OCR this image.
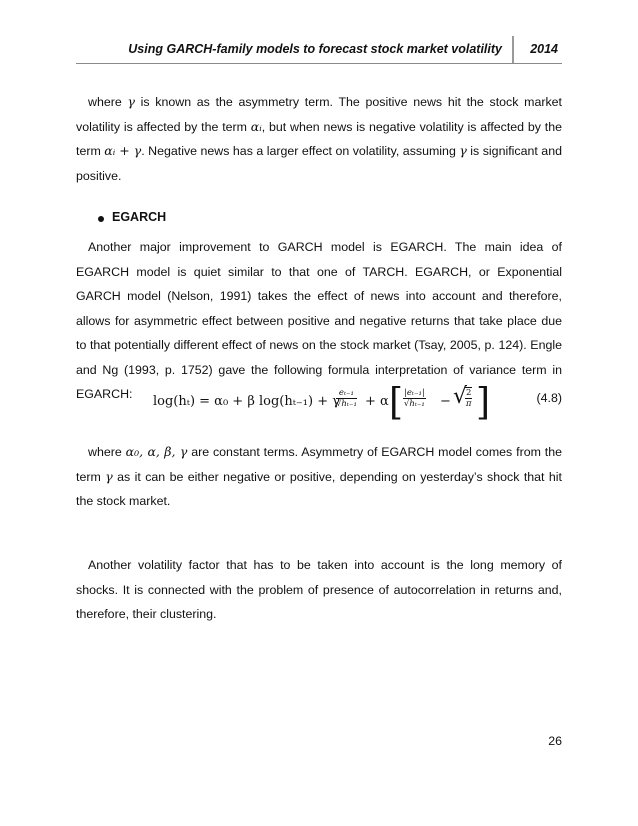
Using GARCH-family models to forecast stock market volatility 2014

where γ is known as the asymmetry term. The positive news hit the stock market volatility is affected by the term αᵢ, but when news is negative volatility is affected by the term αᵢ + γ. Negative news has a larger effect on volatility, assuming γ is significant and positive.

EGARCH

Another major improvement to GARCH model is EGARCH. The main idea of EGARCH model is quiet similar to that one of TARCH. EGARCH, or Exponential GARCH model (Nelson, 1991) takes the effect of news into account and therefore, allows for asymmetric effect between positive and negative returns that take place due to that potentially different effect of news on the stock market (Tsay, 2005, p. 124). Engle and Ng (1993, p. 1752) gave the following formula interpretation of variance term in EGARCH:	log(hₜ) = α₀ + β log(hₜ₋₁) + γ
$\frac{\text{eₜ₋₁}}{\text{√hₜ₋₁}} + \alpha$ [ $\frac{\text{|eₜ₋₁|}}{\text{√hₜ₋₁}}$ − √
$\frac{2}{\pi}$ ]	(4.8)

where α₀, α, β, γ are constant terms. Asymmetry of EGARCH model comes from the term γ as it can be either negative or positive, depending on yesterday’s shock that hit the stock market.

Another volatility factor that has to be taken into account is the long memory of shocks. It is connected with the problem of presence of autocorrelation in returns and, therefore, their clustering.

26
